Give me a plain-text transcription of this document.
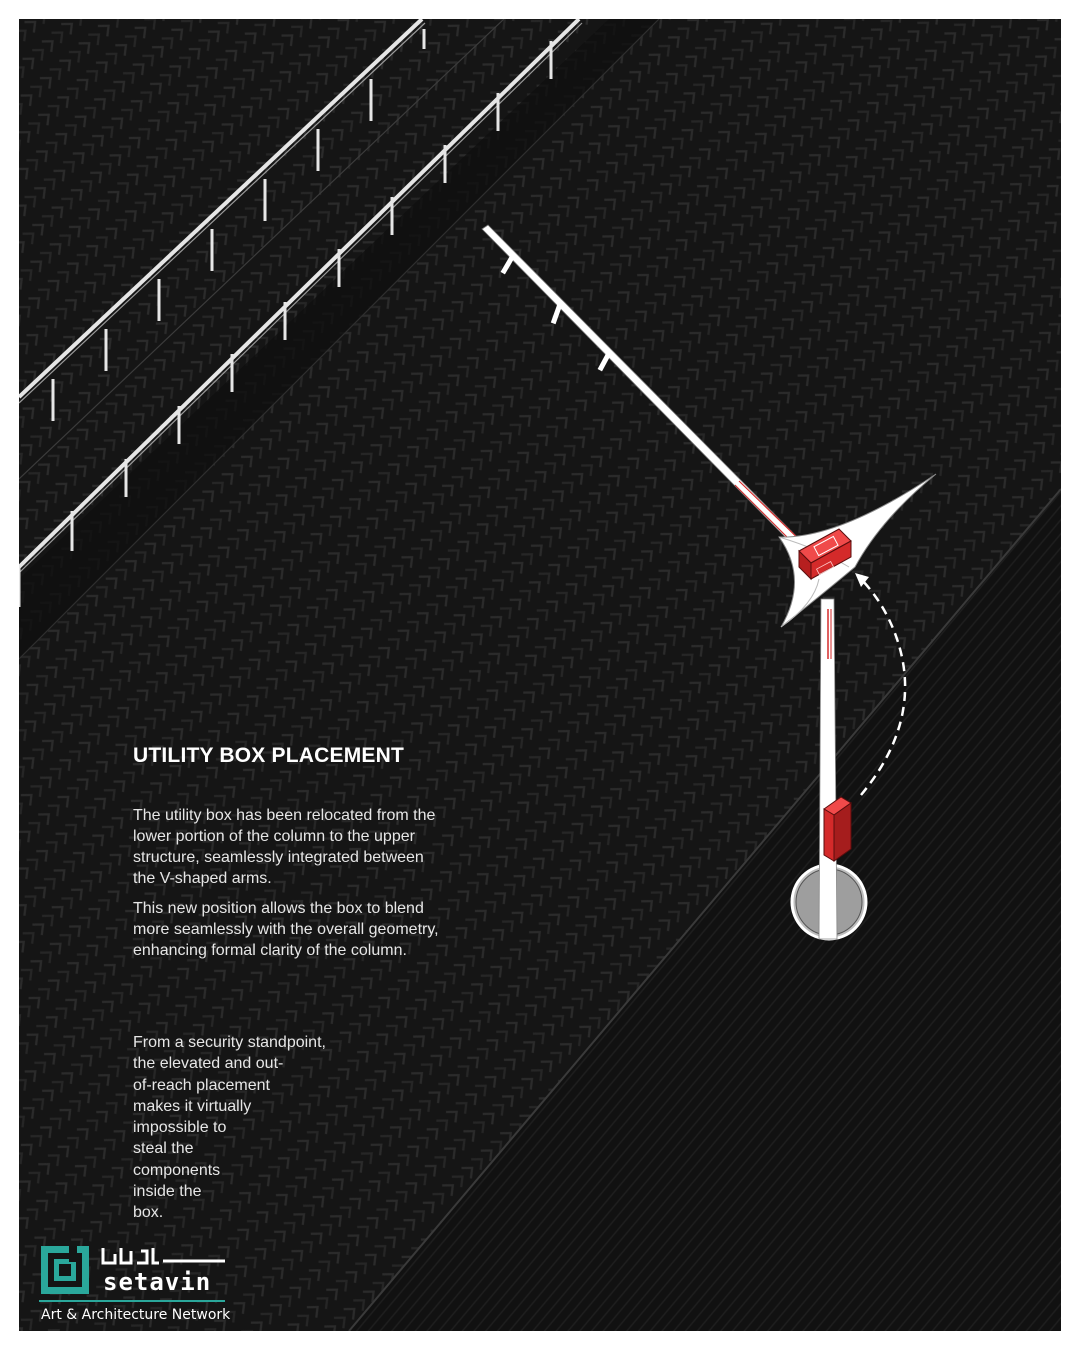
UTILITY BOX PLACEMENT
The utility box has been relocated from the
lower portion of the column to the upper
structure, seamlessly integrated between
the V-shaped arms.
This new position allows the box to blend
more seamlessly with the overall geometry,
enhancing formal clarity of the column.
From a security standpoint,
the elevated and out-
of-reach placement
makes it virtually
impossible to
steal the
components
inside the
box.
setavin
Art & Architecture Network
